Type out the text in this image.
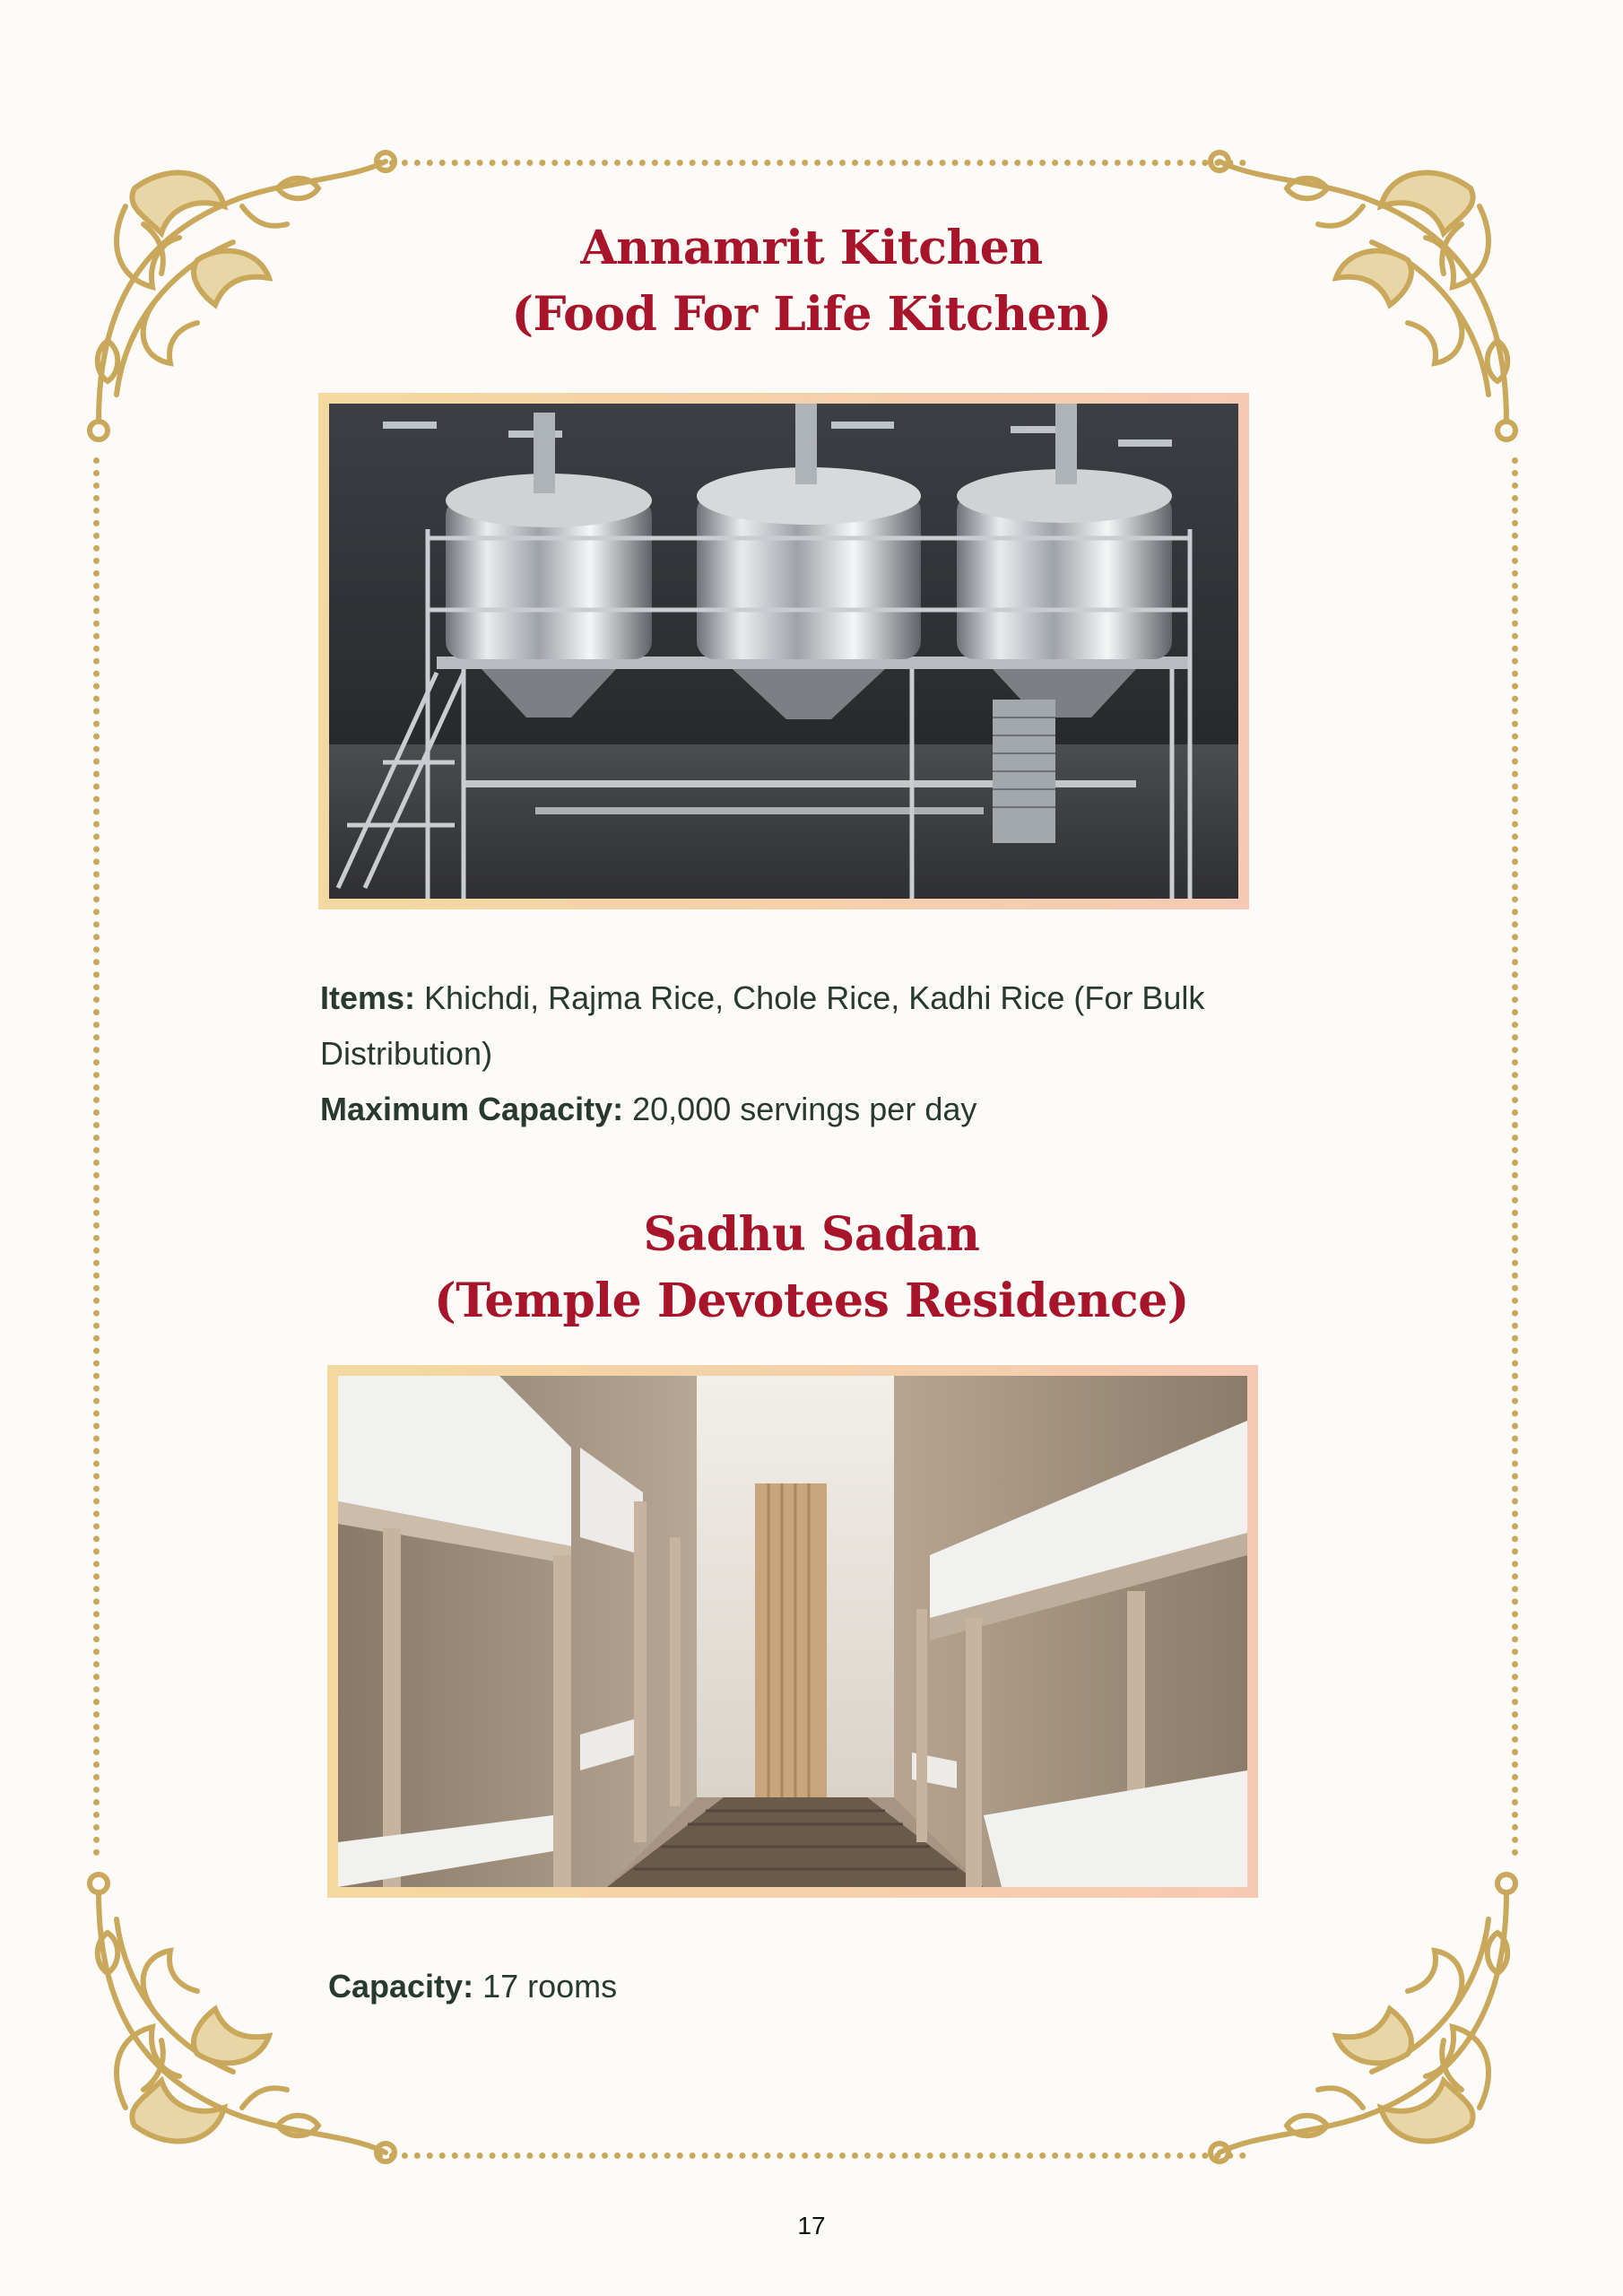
Annamrit Kitchen
(Food For Life Kitchen)

Items: Khichdi, Rajma Rice, Chole Rice, Kadhi Rice (For Bulk Distribution)
Maximum Capacity: 20,000 servings per day

Sadhu Sadan
(Temple Devotees Residence)

Capacity: 17 rooms

17
